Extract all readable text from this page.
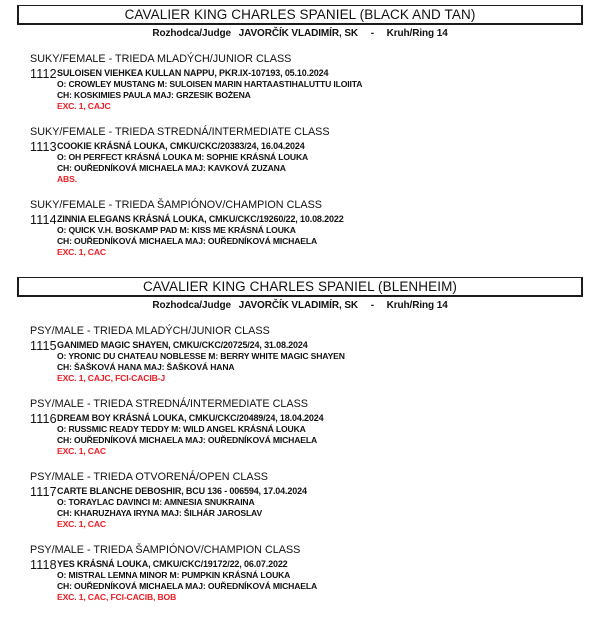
CAVALIER KING CHARLES SPANIEL (BLACK AND TAN)
Rozhodca/Judge JAVORČÍK VLADIMÍR, SK - Kruh/Ring 14
SUKY/FEMALE - TRIEDA MLADÝCH/JUNIOR CLASS
1112 SULOISEN VIEHKEA KULLAN NAPPU, PKR.IX-107193, 05.10.2024
O: CROWLEY MUSTANG M: SULOISEN MARIN HARTAASTIHALUTTU ILOIITA
CH: KOSKIMIES PAULA MAJ: GRZESIK BOŻENA
EXC. 1, CAJC
SUKY/FEMALE - TRIEDA STREDNÁ/INTERMEDIATE CLASS
1113 COOKIE KRÁSNÁ LOUKA, CMKU/CKC/20383/24, 16.04.2024
O: OH PERFECT KRÁSNÁ LOUKA M: SOPHIE KRÁSNÁ LOUKA
CH: OUŘEDNÍKOVÁ MICHAELA MAJ: KAVKOVÁ ZUZANA
ABS.
SUKY/FEMALE - TRIEDA ŠAMPIÓNOV/CHAMPION CLASS
1114 ZINNIA ELEGANS KRÁSNÁ LOUKA, CMKU/CKC/19260/22, 10.08.2022
O: QUICK V.H. BOSKAMP PAD M: KISS ME KRÁSNÁ LOUKA
CH: OUŘEDNÍKOVÁ MICHAELA MAJ: OUŘEDNÍKOVÁ MICHAELA
EXC. 1, CAC
CAVALIER KING CHARLES SPANIEL (BLENHEIM)
Rozhodca/Judge JAVORČÍK VLADIMÍR, SK - Kruh/Ring 14
PSY/MALE - TRIEDA MLADÝCH/JUNIOR CLASS
1115 GANIMED MAGIC SHAYEN, CMKU/CKC/20725/24, 31.08.2024
O: YRONIC DU CHATEAU NOBLESSE M: BERRY WHITE MAGIC SHAYEN
CH: ŠAŠKOVÁ HANA MAJ: ŠAŠKOVÁ HANA
EXC. 1, CAJC, FCI-CACIB-J
PSY/MALE - TRIEDA STREDNÁ/INTERMEDIATE CLASS
1116 DREAM BOY KRÁSNÁ LOUKA, CMKU/CKC/20489/24, 18.04.2024
O: RUSSMIC READY TEDDY M: WILD ANGEL KRÁSNÁ LOUKA
CH: OUŘEDNÍKOVÁ MICHAELA MAJ: OUŘEDNÍKOVÁ MICHAELA
EXC. 1, CAC
PSY/MALE - TRIEDA OTVORENÁ/OPEN CLASS
1117 CARTE BLANCHE DEBOSHIR, BCU 136 - 006594, 17.04.2024
O: TORAYLAC DAVINCI M: AMNESIA SNUKRAINA
CH: KHARUZHAYA IRYNA MAJ: ŠILHÁR JAROSLAV
EXC. 1, CAC
PSY/MALE - TRIEDA ŠAMPIÓNOV/CHAMPION CLASS
1118 YES KRÁSNÁ LOUKA, CMKU/CKC/19172/22, 06.07.2022
O: MISTRAL LEMNA MINOR M: PUMPKIN KRÁSNÁ LOUKA
CH: OUŘEDNÍKOVÁ MICHAELA MAJ: OUŘEDNÍKOVÁ MICHAELA
EXC. 1, CAC, FCI-CACIB, BOB
